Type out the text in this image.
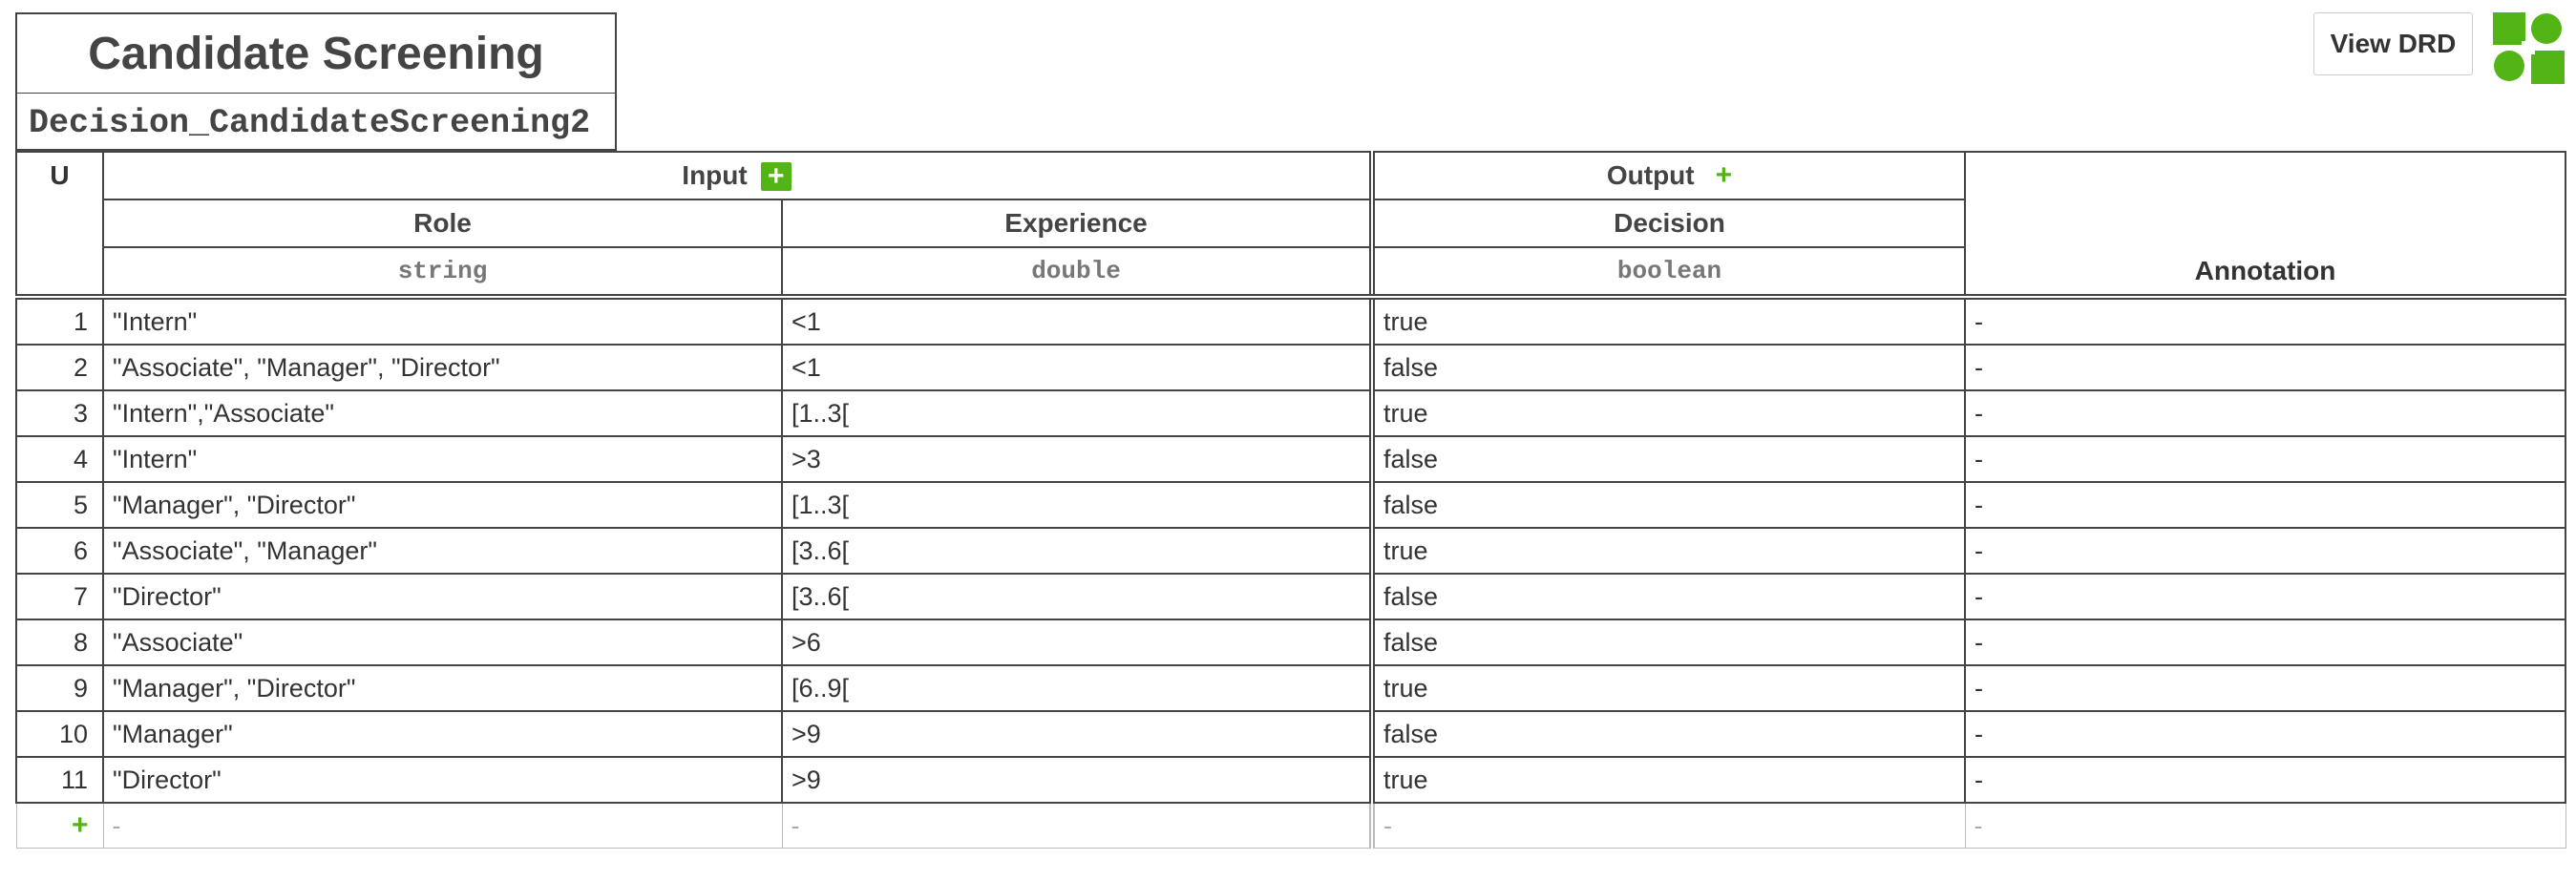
Candidate Screening
Decision_CandidateScreening2
View DRD
U	Input +		Output +	Annotation
	Role	Experience	Decision	
	string	double	boolean	
1	"Intern"	<1	true	-
2	"Associate", "Manager", "Director"	<1	false	-
3	"Intern","Associate"	[1..3[	true	-
4	"Intern"	>3	false	-
5	"Manager", "Director"	[1..3[	false	-
6	"Associate", "Manager"	[3..6[	true	-
7	"Director"	[3..6[	false	-
8	"Associate"	>6	false	-
9	"Manager", "Director"	[6..9[	true	-
10	"Manager"	>9	false	-
11	"Director"	>9	true	-
+	-	-	-	-
